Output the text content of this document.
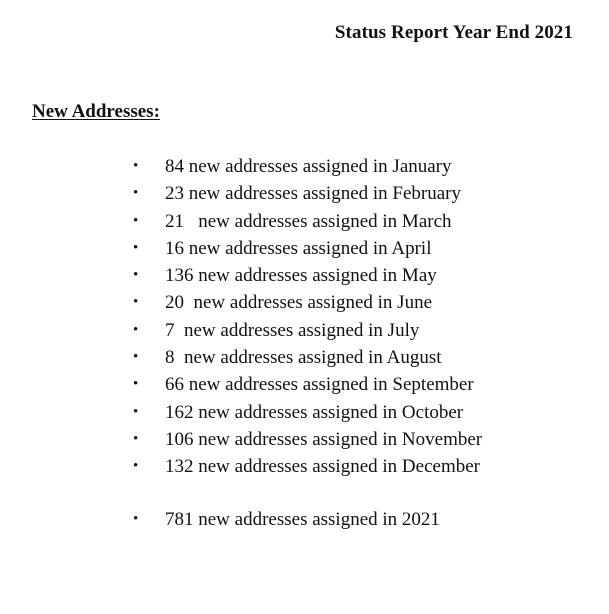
Status Report Year End 2021
New Addresses:

•

84 new addresses assigned in January

•

23 new addresses assigned in February

•

21   new addresses assigned in March

•

16 new addresses assigned in April

•

136 new addresses assigned in May

•

20  new addresses assigned in June

•

7  new addresses assigned in July

•

8  new addresses assigned in August

•

66 new addresses assigned in September

•

162 new addresses assigned in October

•

106 new addresses assigned in November

•

132 new addresses assigned in December

•

781 new addresses assigned in 2021
